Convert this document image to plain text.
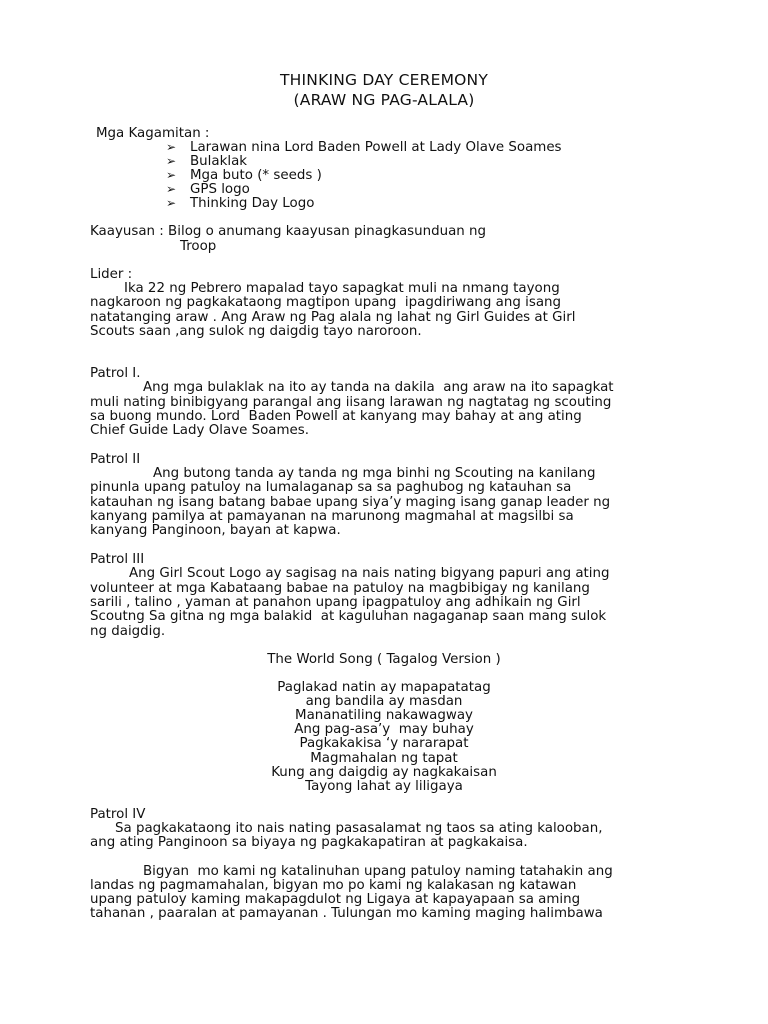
THINKING DAY CEREMONY
(ARAW NG PAG-ALALA)
Mga Kagamitan :
➢ Larawan nina Lord Baden Powell at Lady Olave Soames
➢ Bulaklak
➢ Mga buto (* seeds )
➢ GPS logo
➢ Thinking Day Logo
Kaayusan : Bilog o anumang kaayusan pinagkasunduan ng
Troop
Lider :
Ika 22 ng Pebrero mapalad tayo sapagkat muli na nmang tayong
nagkaroon ng pagkakataong magtipon upang  ipagdiriwang ang isang
natatanging araw . Ang Araw ng Pag alala ng lahat ng Girl Guides at Girl
Scouts saan ,ang sulok ng daigdig tayo naroroon.
Patrol I.
Ang mga bulaklak na ito ay tanda na dakila  ang araw na ito sapagkat
muli nating binibigyang parangal ang iisang larawan ng nagtatag ng scouting
sa buong mundo. Lord  Baden Powell at kanyang may bahay at ang ating
Chief Guide Lady Olave Soames.
Patrol II
Ang butong tanda ay tanda ng mga binhi ng Scouting na kanilang
pinunla upang patuloy na lumalaganap sa sa paghubog ng katauhan sa
katauhan ng isang batang babae upang siya’y maging isang ganap leader ng
kanyang pamilya at pamayanan na marunong magmahal at magsilbi sa
kanyang Panginoon, bayan at kapwa.
Patrol III
Ang Girl Scout Logo ay sagisag na nais nating bigyang papuri ang ating
volunteer at mga Kabataang babae na patuloy na magbibigay ng kanilang
sarili , talino , yaman at panahon upang ipagpatuloy ang adhikain ng Girl
Scoutng Sa gitna ng mga balakid  at kaguluhan nagaganap saan mang sulok
ng daigdig.
The World Song ( Tagalog Version )
Paglakad natin ay mapapatatag
ang bandila ay masdan
Mananatiling nakawagway
Ang pag-asa’y  may buhay
Pagkakakisa ‘y nararapat
Magmahalan ng tapat
Kung ang daigdig ay nagkakaisan
Tayong lahat ay liligaya
Patrol IV
Sa pagkakataong ito nais nating pasasalamat ng taos sa ating kalooban,
ang ating Panginoon sa biyaya ng pagkakapatiran at pagkakaisa.
Bigyan  mo kami ng katalinuhan upang patuloy naming tatahakin ang
landas ng pagmamahalan, bigyan mo po kami ng kalakasan ng katawan
upang patuloy kaming makapagdulot ng Ligaya at kapayapaan sa aming
tahanan , paaralan at pamayanan . Tulungan mo kaming maging halimbawa
